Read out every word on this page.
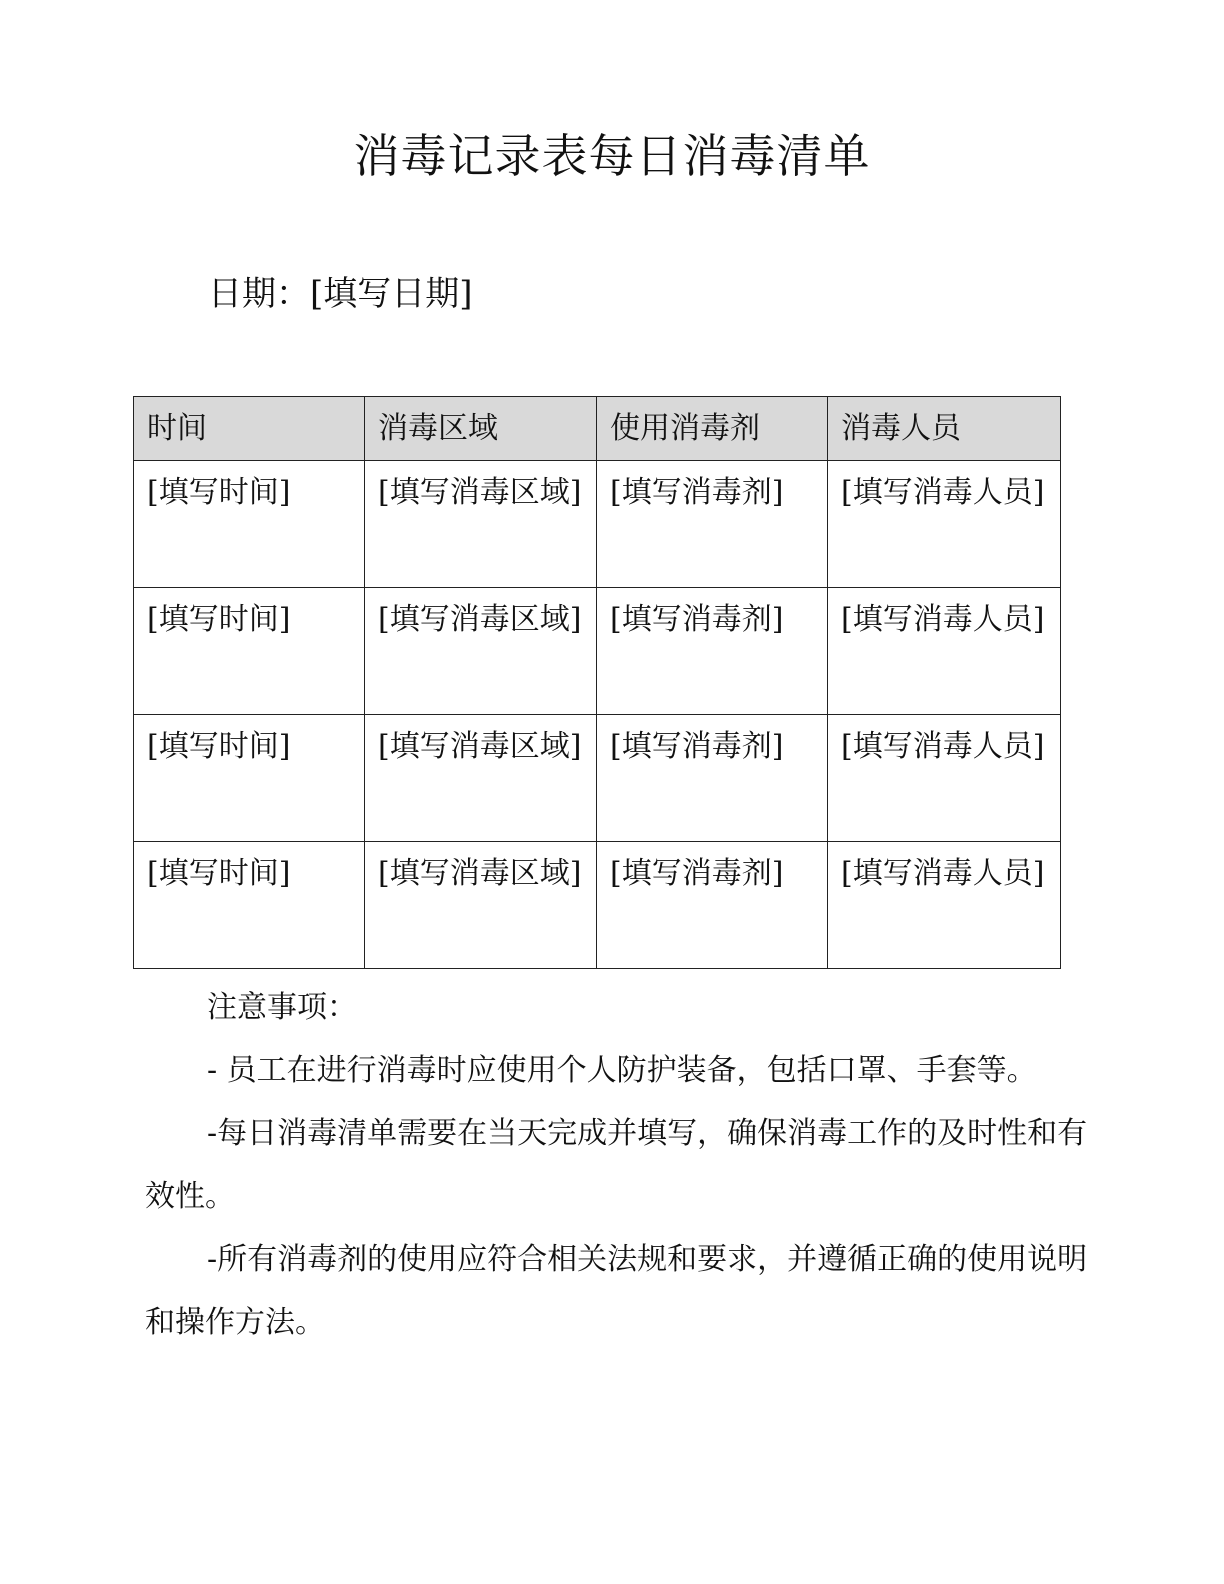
消毒记录表每日消毒清单
日期：[填写日期]
时间	消毒区域	使用消毒剂	消毒人员
[填写时间]	[填写消毒区域]	[填写消毒剂]	[填写消毒人员]
[填写时间]	[填写消毒区域]	[填写消毒剂]	[填写消毒人员]
[填写时间]	[填写消毒区域]	[填写消毒剂]	[填写消毒人员]
[填写时间]	[填写消毒区域]	[填写消毒剂]	[填写消毒人员]
注意事项：

- 员工在进行消毒时应使用个人防护装备，包括口罩、手套等。

-每日消毒清单需要在当天完成并填写，确保消毒工作的及时性和有效性。

-所有消毒剂的使用应符合相关法规和要求，并遵循正确的使用说明和操作方法。
